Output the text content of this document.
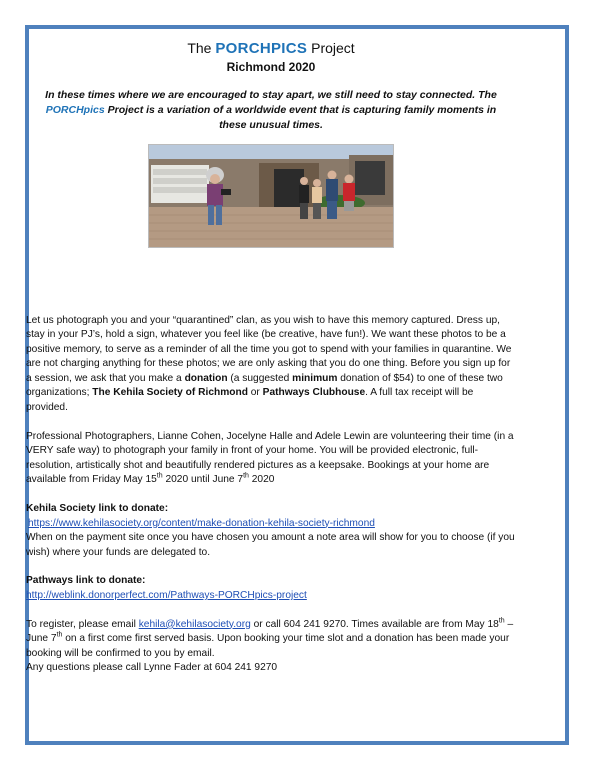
The PORCHPICS Project
Richmond 2020

In these times where we are encouraged to stay apart, we still need to stay connected. The PORCHpics Project is a variation of a worldwide event that is capturing family moments in these unusual times.

Let us photograph you and your “quarantined” clan, as you wish to have this memory captured. Dress up, stay in your PJ’s, hold a sign, whatever you feel like (be creative, have fun!). We want these photos to be a positive memory, to serve as a reminder of all the time you got to spend with your families in quarantine. We are not charging anything for these photos; we are only asking that you do one thing. Before you sign up for a session, we ask that you make a donation (a suggested minimum donation of $54) to one of these two organizations; The Kehila Society of Richmond or Pathways Clubhouse. A full tax receipt will be provided.

Professional Photographers, Lianne Cohen, Jocelyne Halle and Adele Lewin are volunteering their time (in a VERY safe way) to photograph your family in front of your home. You will be provided electronic, full-resolution, artistically shot and beautifully rendered pictures as a keepsake. Bookings at your home are available from Friday May 15th 2020 until June 7th 2020

Kehila Society link to donate:

https://www.kehilasociety.org/content/make-donation-kehila-society-richmond

When on the payment site once you have chosen you amount a note area will show for you to choose (if you wish) where your funds are delegated to.

Pathways link to donate:

http://weblink.donorperfect.com/Pathways-PORCHpics-project

To register, please email kehila@kehilasociety.org or call 604 241 9270. Times available are from May 18th – June 7th on a first come first served basis. Upon booking your time slot and a donation has been made your booking will be confirmed to you by email.

Any questions please call Lynne Fader at 604 241 9270
